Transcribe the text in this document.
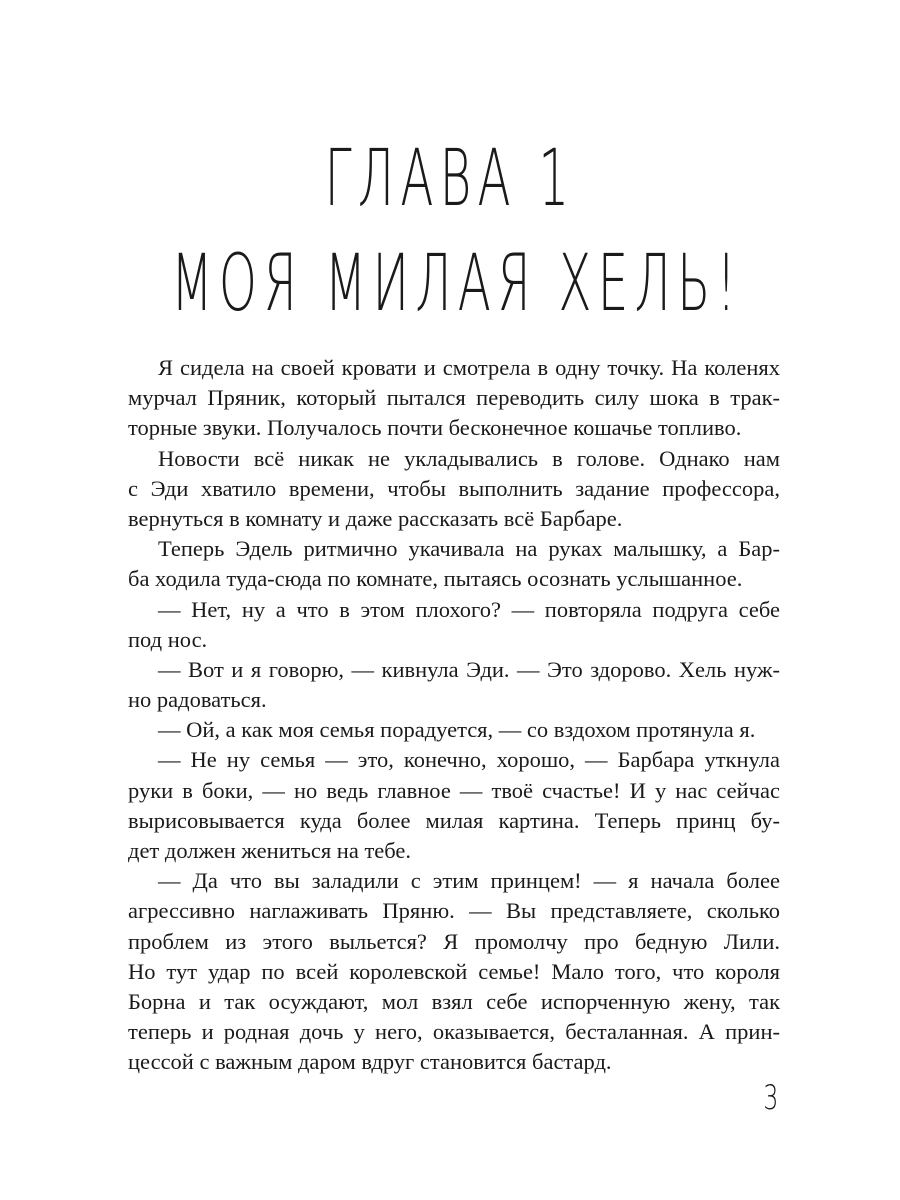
ГЛАВА 1
МОЯ МИЛАЯ ХЕЛЬ!
Я сидела на своей кровати и смотрела в одну точку. На коленях
мурчал Пряник, который пытался переводить силу шока в трак-
торные звуки. Получалось почти бесконечное кошачье топливо.
Новости всё никак не укладывались в голове. Однако нам
с Эди хватило времени, чтобы выполнить задание профессора,
вернуться в комнату и даже рассказать всё Барбаре.
Теперь Эдель ритмично укачивала на руках малышку, а Бар-
ба ходила туда-сюда по комнате, пытаясь осознать услышанное.
— Нет, ну а что в этом плохого? — повторяла подруга себе
под нос.
— Вот и я говорю, — кивнула Эди. — Это здорово. Хель нуж-
но радоваться.
— Ой, а как моя семья порадуется, — со вздохом протянула я.
— Не ну семья — это, конечно, хорошо, — Барбара уткнула
руки в боки, — но ведь главное — твоё счастье! И у нас сейчас
вырисовывается куда более милая картина. Теперь принц бу-
дет должен жениться на тебе.
— Да что вы заладили с этим принцем! — я начала более
агрессивно наглаживать Пряню. — Вы представляете, сколько
проблем из этого выльется? Я промолчу про бедную Лили.
Но тут удар по всей королевской семье! Мало того, что короля
Борна и так осуждают, мол взял себе испорченную жену, так
теперь и родная дочь у него, оказывается, бесталанная. А прин-
цессой с важным даром вдруг становится бастард.
3
